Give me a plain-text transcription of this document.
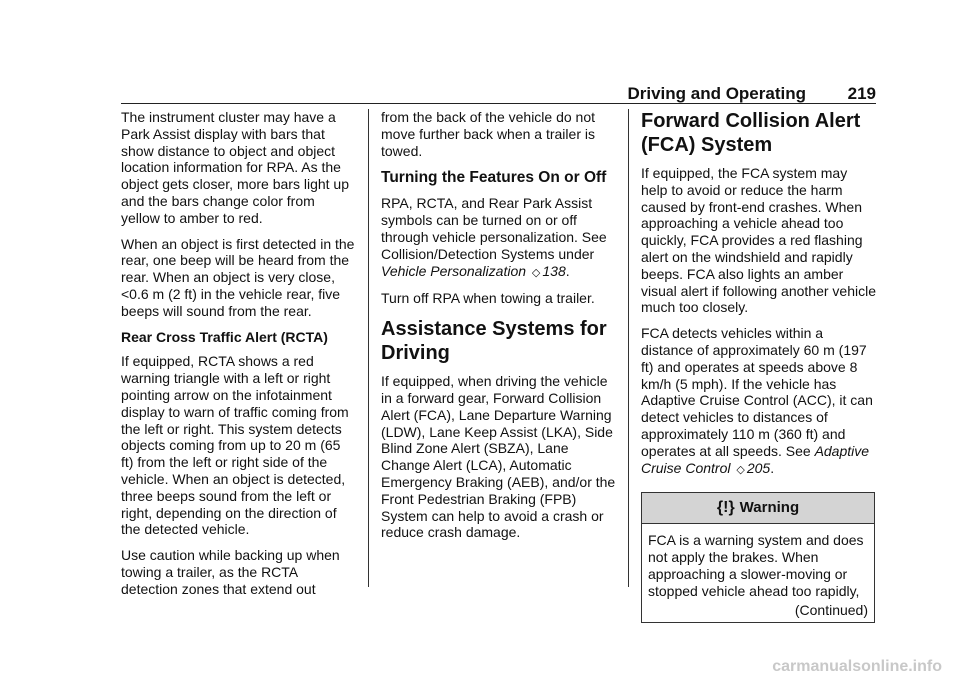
Driving and Operating 219

The instrument cluster may have a Park Assist display with bars that show distance to object and object location information for RPA. As the object gets closer, more bars light up and the bars change color from yellow to amber to red.

When an object is first detected in the rear, one beep will be heard from the rear. When an object is very close, <0.6 m (2 ft) in the vehicle rear, five beeps will sound from the rear.

Rear Cross Traffic Alert (RCTA)

If equipped, RCTA shows a red warning triangle with a left or right pointing arrow on the infotainment display to warn of traffic coming from the left or right. This system detects objects coming from up to 20 m (65 ft) from the left or right side of the vehicle. When an object is detected, three beeps sound from the left or right, depending on the direction of the detected vehicle.

Use caution while backing up when towing a trailer, as the RCTA detection zones that extend out

from the back of the vehicle do not move further back when a trailer is towed.

Turning the Features On or Off

RPA, RCTA, and Rear Park Assist symbols can be turned on or off through vehicle personalization. See Collision/Detection Systems under Vehicle Personalization ◇ 138.

Turn off RPA when towing a trailer.

Assistance Systems for Driving

If equipped, when driving the vehicle in a forward gear, Forward Collision Alert (FCA), Lane Departure Warning (LDW), Lane Keep Assist (LKA), Side Blind Zone Alert (SBZA), Lane Change Alert (LCA), Automatic Emergency Braking (AEB), and/or the Front Pedestrian Braking (FPB) System can help to avoid a crash or reduce crash damage.

Forward Collision Alert (FCA) System

If equipped, the FCA system may help to avoid or reduce the harm caused by front-end crashes. When approaching a vehicle ahead too quickly, FCA provides a red flashing alert on the windshield and rapidly beeps. FCA also lights an amber visual alert if following another vehicle much too closely.

FCA detects vehicles within a distance of approximately 60 m (197 ft) and operates at speeds above 8 km/h (5 mph). If the vehicle has Adaptive Cruise Control (ACC), it can detect vehicles to distances of approximately 110 m (360 ft) and operates at all speeds. See Adaptive Cruise Control ◇ 205.

{!} Warning

FCA is a warning system and does not apply the brakes. When approaching a slower-moving or stopped vehicle ahead too rapidly,

(Continued)
carmanualsonline.info
